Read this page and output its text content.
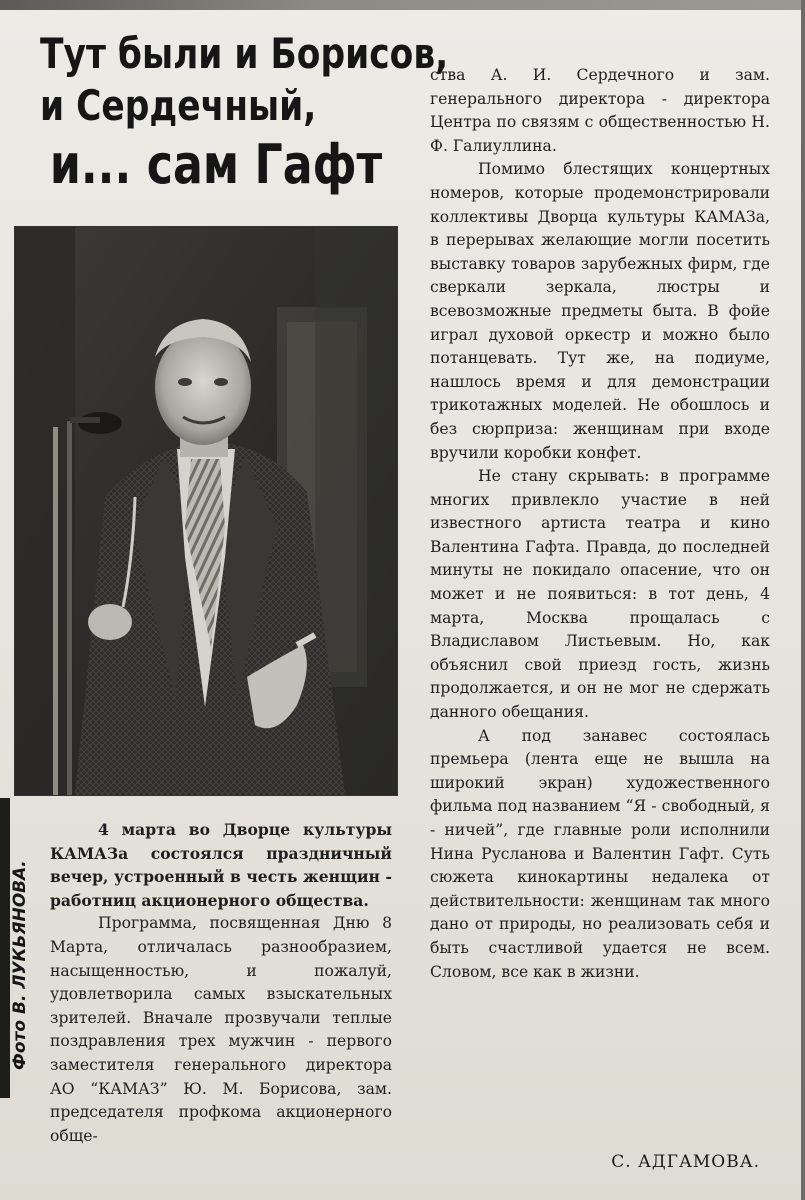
Тут были и Борисов,
и Сердечный,
и... сам Гафт
Фото В. ЛУКЬЯНОВА.

4 марта во Дворце культуры КАМАЗа состоялся праздничный вечер, устроенный в честь женщин - работниц акционерного общества.

Программа, посвященная Дню 8 Марта, отличалась разнообразием, насыщенностью, и пожалуй, удовлетворила самых взыскательных зрителей. Вначале прозвучали теплые поздравления трех мужчин - первого заместителя генерального директора АО “КАМАЗ” Ю. М. Борисова, зам. председателя профкома акционерного обще-

ства А. И. Сердечного и зам. генерального директора - директора Центра по связям с общественностью Н. Ф. Галиуллина.

Помимо блестящих концертных номеров, которые продемонстрировали коллективы Дворца культуры КАМАЗа, в перерывах желающие могли посетить выставку товаров зарубежных фирм, где сверкали зеркала, люстры и всевозможные предметы быта. В фойе играл духовой оркестр и можно было потанцевать. Тут же, на подиуме, нашлось время и для демонстрации трикотажных моделей. Не обошлось и без сюрприза: женщинам при входе вручили коробки конфет.

Не стану скрывать: в программе многих привлекло участие в ней известного артиста театра и кино Валентина Гафта. Правда, до последней минуты не покидало опасение, что он может и не появиться: в тот день, 4 марта, Москва прощалась с Владиславом Листьевым. Но, как объяснил свой приезд гость, жизнь продолжается, и он не мог не сдержать данного обещания.

А под занавес состоялась премьера (лента еще не вышла на широкий экран) художественного фильма под названием “Я - свободный, я - ничей”, где главные роли исполнили Нина Русланова и Валентин Гафт. Суть сюжета кинокартины недалека от действительности: женщинам так много дано от природы, но реализовать себя и быть счастливой удается не всем. Словом, все как в жизни.

С. АДГАМОВА.
